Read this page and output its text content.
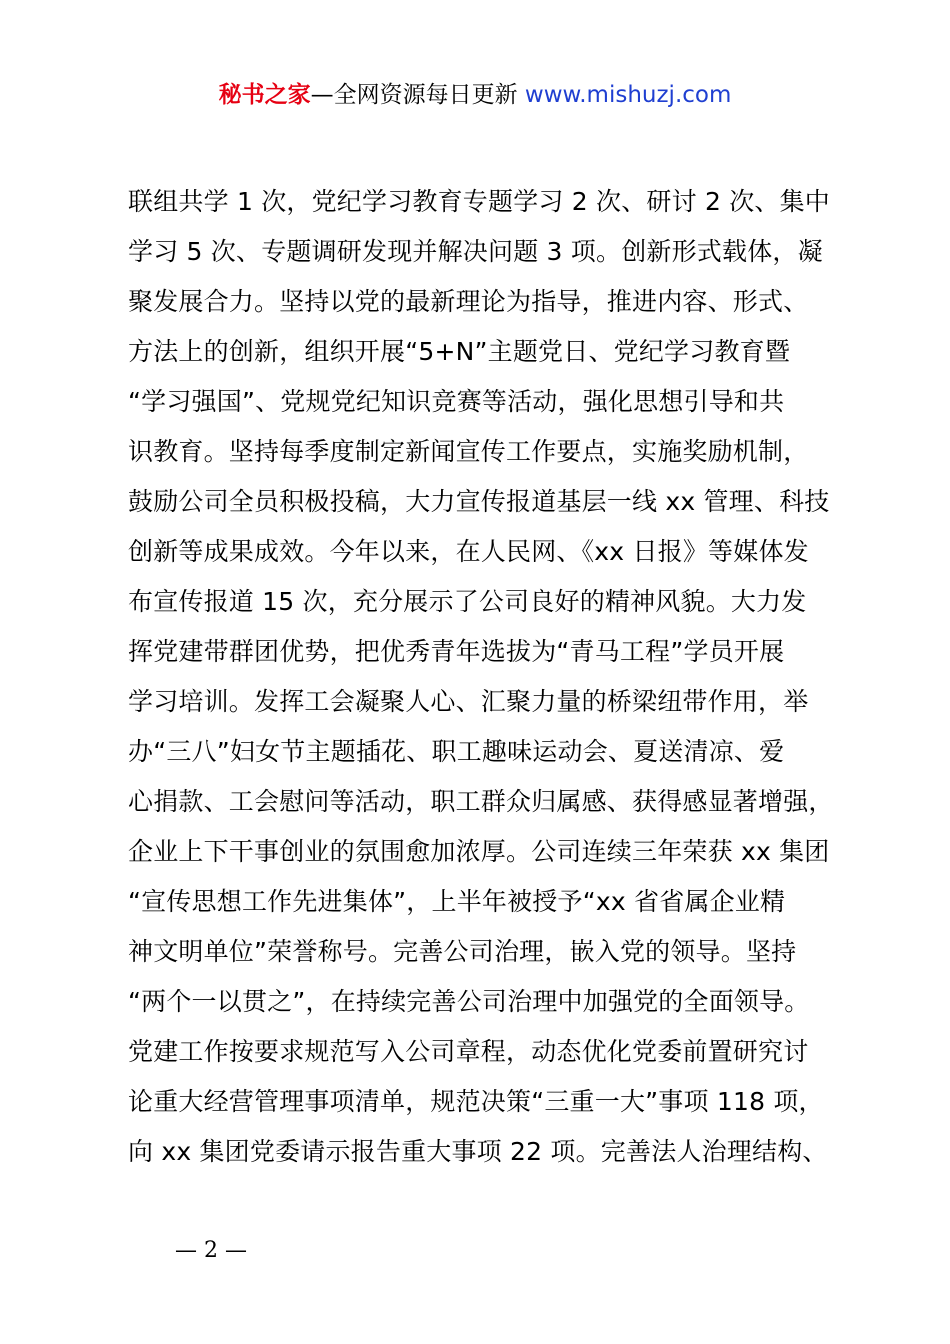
秘书之家—全网资源每日更新 www.mishuzj.com
联组共学 1 次，党纪学习教育专题学习 2 次、研讨 2 次、集中
学习 5 次、专题调研发现并解决问题 3 项。创新形式载体，凝
聚发展合力。坚持以党的最新理论为指导，推进内容、形式、
方法上的创新，组织开展“5+N”主题党日、党纪学习教育暨
“学习强国”、党规党纪知识竞赛等活动，强化思想引导和共
识教育。坚持每季度制定新闻宣传工作要点，实施奖励机制，
鼓励公司全员积极投稿，大力宣传报道基层一线 xx 管理、科技
创新等成果成效。今年以来，在人民网、《xx 日报》等媒体发
布宣传报道 15 次，充分展示了公司良好的精神风貌。大力发
挥党建带群团优势，把优秀青年选拔为“青马工程”学员开展
学习培训。发挥工会凝聚人心、汇聚力量的桥梁纽带作用，举
办“三八”妇女节主题插花、职工趣味运动会、夏送清凉、爱
心捐款、工会慰问等活动，职工群众归属感、获得感显著增强，
企业上下干事创业的氛围愈加浓厚。公司连续三年荣获 xx 集团
“宣传思想工作先进集体”，上半年被授予“xx 省省属企业精
神文明单位”荣誉称号。完善公司治理，嵌入党的领导。坚持
“两个一以贯之”，在持续完善公司治理中加强党的全面领导。
党建工作按要求规范写入公司章程，动态优化党委前置研究讨
论重大经营管理事项清单，规范决策“三重一大”事项 118 项，
向 xx 集团党委请示报告重大事项 22 项。完善法人治理结构、
— 2 —
